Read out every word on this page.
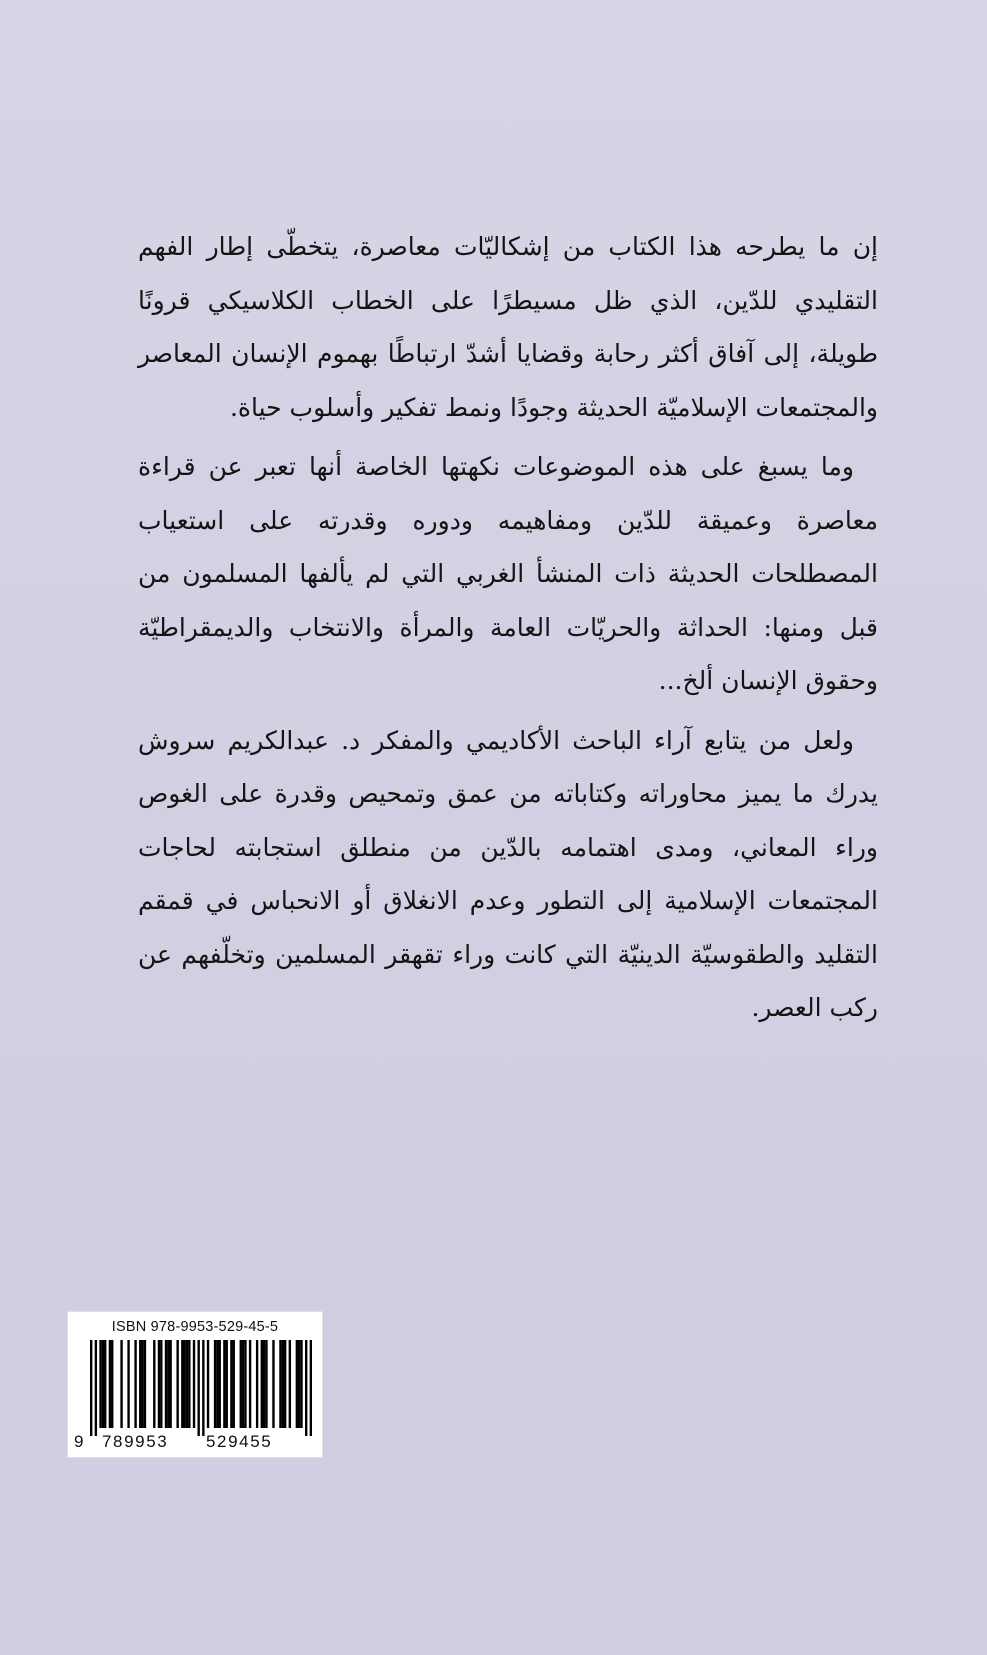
إن ما يطرحه هذا الكتاب من إشكاليّات معاصرة، يتخطّى إطار الفهم التقليدي للدّين، الذي ظل مسيطرًا على الخطاب الكلاسيكي قرونًا طويلة، إلى آفاق أكثر رحابة وقضايا أشدّ ارتباطًا بهموم الإنسان المعاصر والمجتمعات الإسلاميّة الحديثة وجودًا ونمط تفكير وأسلوب حياة.

وما يسبغ على هذه الموضوعات نكهتها الخاصة أنها تعبر عن قراءة معاصرة وعميقة للدّين ومفاهيمه ودوره وقدرته على استعياب المصطلحات الحديثة ذات المنشأ الغربي التي لم يألفها المسلمون من قبل ومنها: الحداثة والحريّات العامة والمرأة والانتخاب والديمقراطيّة وحقوق الإنسان ألخ...

ولعل من يتابع آراء الباحث الأكاديمي والمفكر د. عبدالكريم سروش يدرك ما يميز محاوراته وكتاباته من عمق وتمحيص وقدرة على الغوص وراء المعاني، ومدى اهتمامه بالدّين من منطلق استجابته لحاجات المجتمعات الإسلامية إلى التطور وعدم الانغلاق أو الانحباس في قمقم التقليد والطقوسيّة الدينيّة التي كانت وراء تقهقر المسلمين وتخلّفهم عن ركب العصر.

ISBN 978-9953-529-45-5
9 789953 529455
